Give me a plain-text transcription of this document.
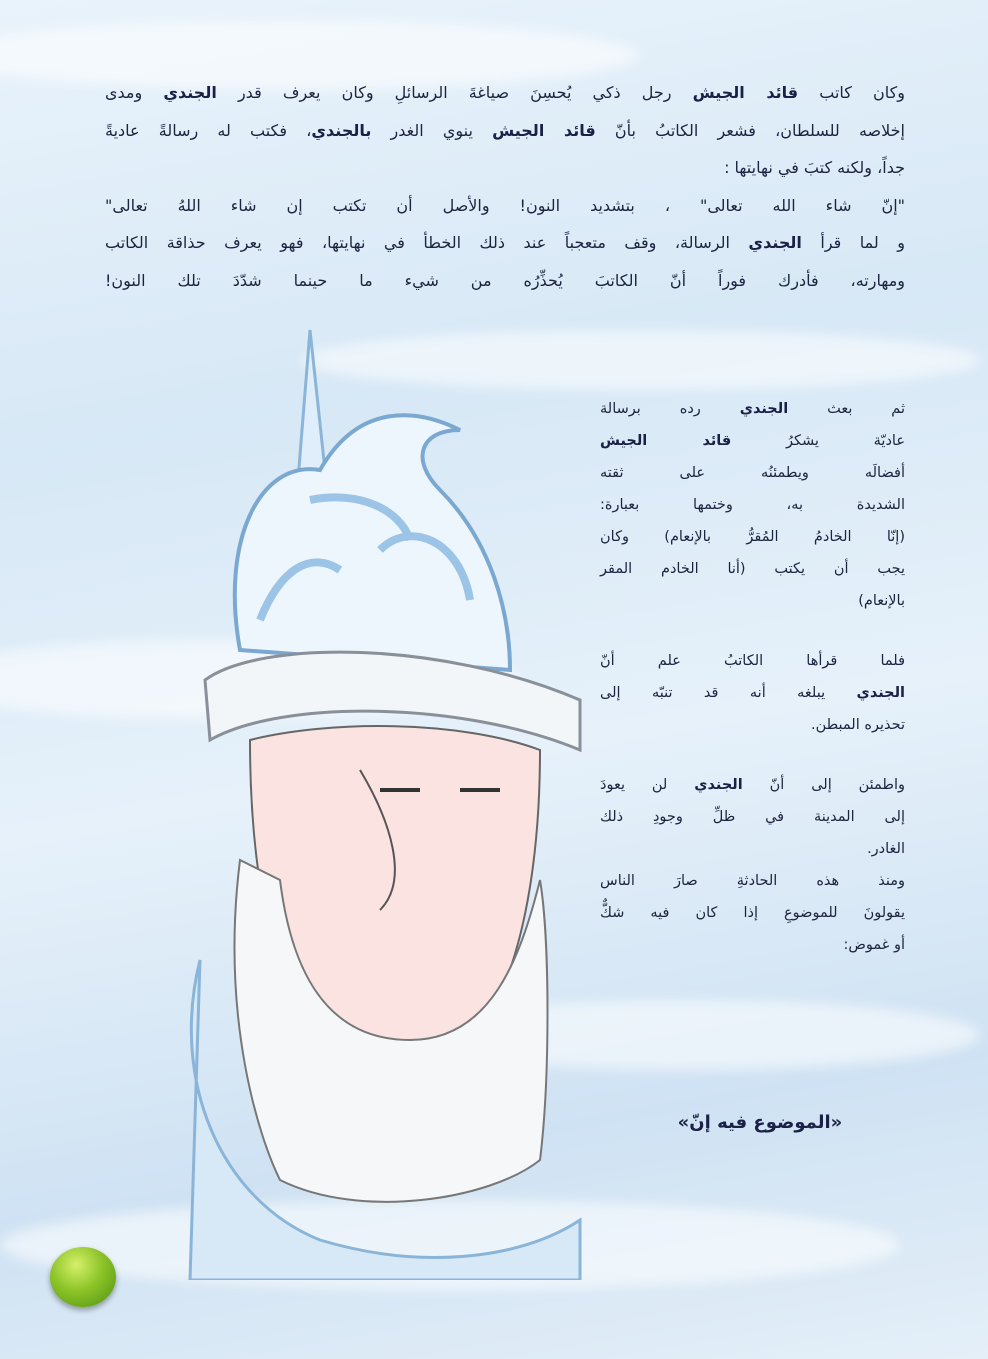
وكان كاتب قائد الجيش رجل ذكي يُحسِنَ صياغةَ الرسائلِ وكان يعرف قدر الجندي ومدى
إخلاصه للسلطان، فشعر الكاتبُ بأنّ قائد الجيش ينوي الغدر بالجندي، فكتب له رسالةً عاديةً
جداً، ولكنه كتبَ في نهايتها :
"إنّ شاء الله تعالى" ، بتشديد النون! والأصل أن تكتب إن شاء اللهُ تعالى"
و لما قرأ الجندي الرسالة، وقف متعجباً عند ذلك الخطأ في نهايتها، فهو يعرف حذاقة الكاتب
ومهارته، فأدرك فوراً أنّ الكاتبَ يُحذِّرُه من شيء ما حينما شدّدَ تلك النون!
ثم بعث الجندي رده برسالة
عاديّة يشكرُ قائد الجيش
أفضالَه ويطمئنُه على ثقته
الشديدة به، وختمها بعبارة:
(إنّا الخادمُ المُقرُّ بالإنعام) وكان
يجب أن يكتب (أنا الخادم المقر
بالإنعام)
فلما قرأها الكاتبُ علم أنّ
الجندي يبلغه أنه قد تنبّه إلى
تحذيره المبطن.
واطمئن إلى أنّ الجندي لن يعودَ
إلى المدينة في ظلِّ وجودِ ذلك
الغادر.
ومنذ هذه الحادثةِ صارَ الناس
يقولونَ للموضوعِ إذا كان فيه شكٌّ
أو غموض:
«الموضوع فيه إنّ»
